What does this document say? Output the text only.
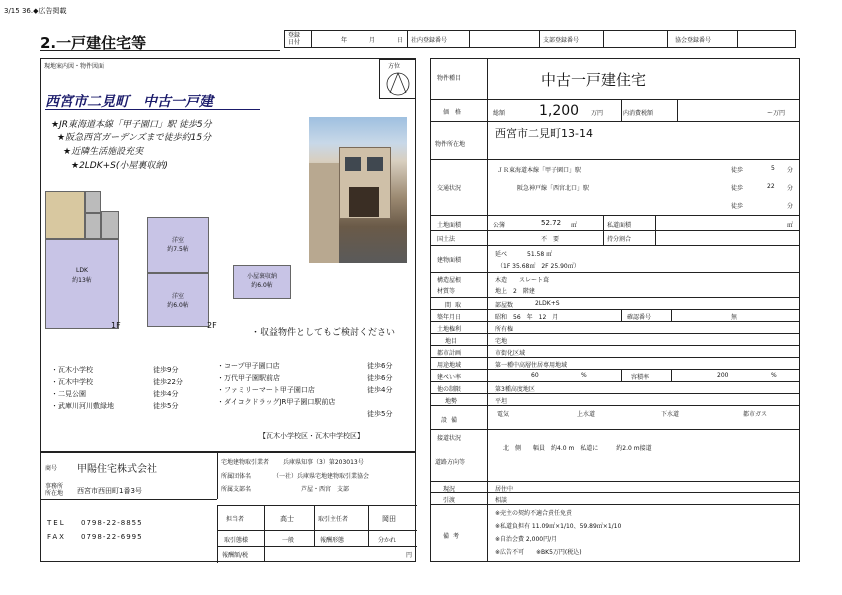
3/15 36.◆広告掲載
2.一戸建住宅等	登録
日付	年	月	日 社内登録番号	支部登録番号	協会登録番号
現地案内図・物件図面	方位
西宮市二見町　中古一戸建
★JR東海道本線「甲子園口」駅 徒歩5分
★阪急西宮ガーデンズまで徒歩約15分
★近隣生活施設充実
★2LDK+S(小屋裏収納)
LDK
約13帖
1F
洋室
約7.5帖
洋室
約6.0帖
2F
小屋裏収納
約6.0帖
・収益物件としてもご検討ください
・瓦木小学校	徒歩9分
・瓦木中学校	徒歩22分
・二見公園	徒歩4分
・武庫川河川敷緑地	徒歩5分
・コープ甲子園口店	徒歩6分
・万代甲子園駅前店	徒歩6分
・ファミリーマート甲子園口店	徒歩4分
・ダイコクドラッグJR甲子園口駅前店
徒歩5分
【瓦木小学校区・瓦木中学校区】
商号 甲陽住宅株式会社
事務所
所在地 西宮市西田町1番3号
宅地建物取引業者 兵庫県知事（3）第203013号
所属団体名	（一社）兵庫県宅地建物取引業協会
所属支部名	芦屋・西宮　支部
TEL 0798-22-8855
FAX 0798-22-6995
担当者	高士	取引主任者	岡田
取引態様	一般	報酬形態	分かれ
報酬額/税	円
物件種目	中古一戸建住宅
価格	総額 1,200 万円	内消費税額	ー万円
物件所在地
西宮市二見町13-14
交通状況
ＪＲ東海道本線「甲子園口」駅	徒歩	5 分
阪急神戸線「西宮北口」駅	徒歩	22 分
徒歩	分
土地面積	公簿	52.72 ㎡	私道面積	㎡
国土法	不　要	持分割合
建物面積
延べ	51.58 ㎡
（1F 35.68㎡　2F 25.90㎡）
構造屋根	木造　　スレート葺
材質等	地上　2　階建
間取	部屋数	2LDK+S
築年月日	昭和　56　年　12　月	確認番号	無
土地権利	所有権
地目	宅地
都市計画	市街化区域
用途地域	第一種中高層住居専用地域
建ぺい率	60	%	容積率	200	%
他の制限	第3種高度地区
地勢	平坦
設備
電気	上水道	下水道	都市ガス
接道状況
道路方向等
北　側　　幅員　約4.0 m　私道に　　　約2.0 m接道
現況	居住中
引渡	相談
備考
※売主の契約不適合責任免責
※私道負担有 11.09㎡×1/10、59.89㎡×1/10
※自治会費 2,000円/月
※広告不可　　※BK5万円(税込)
